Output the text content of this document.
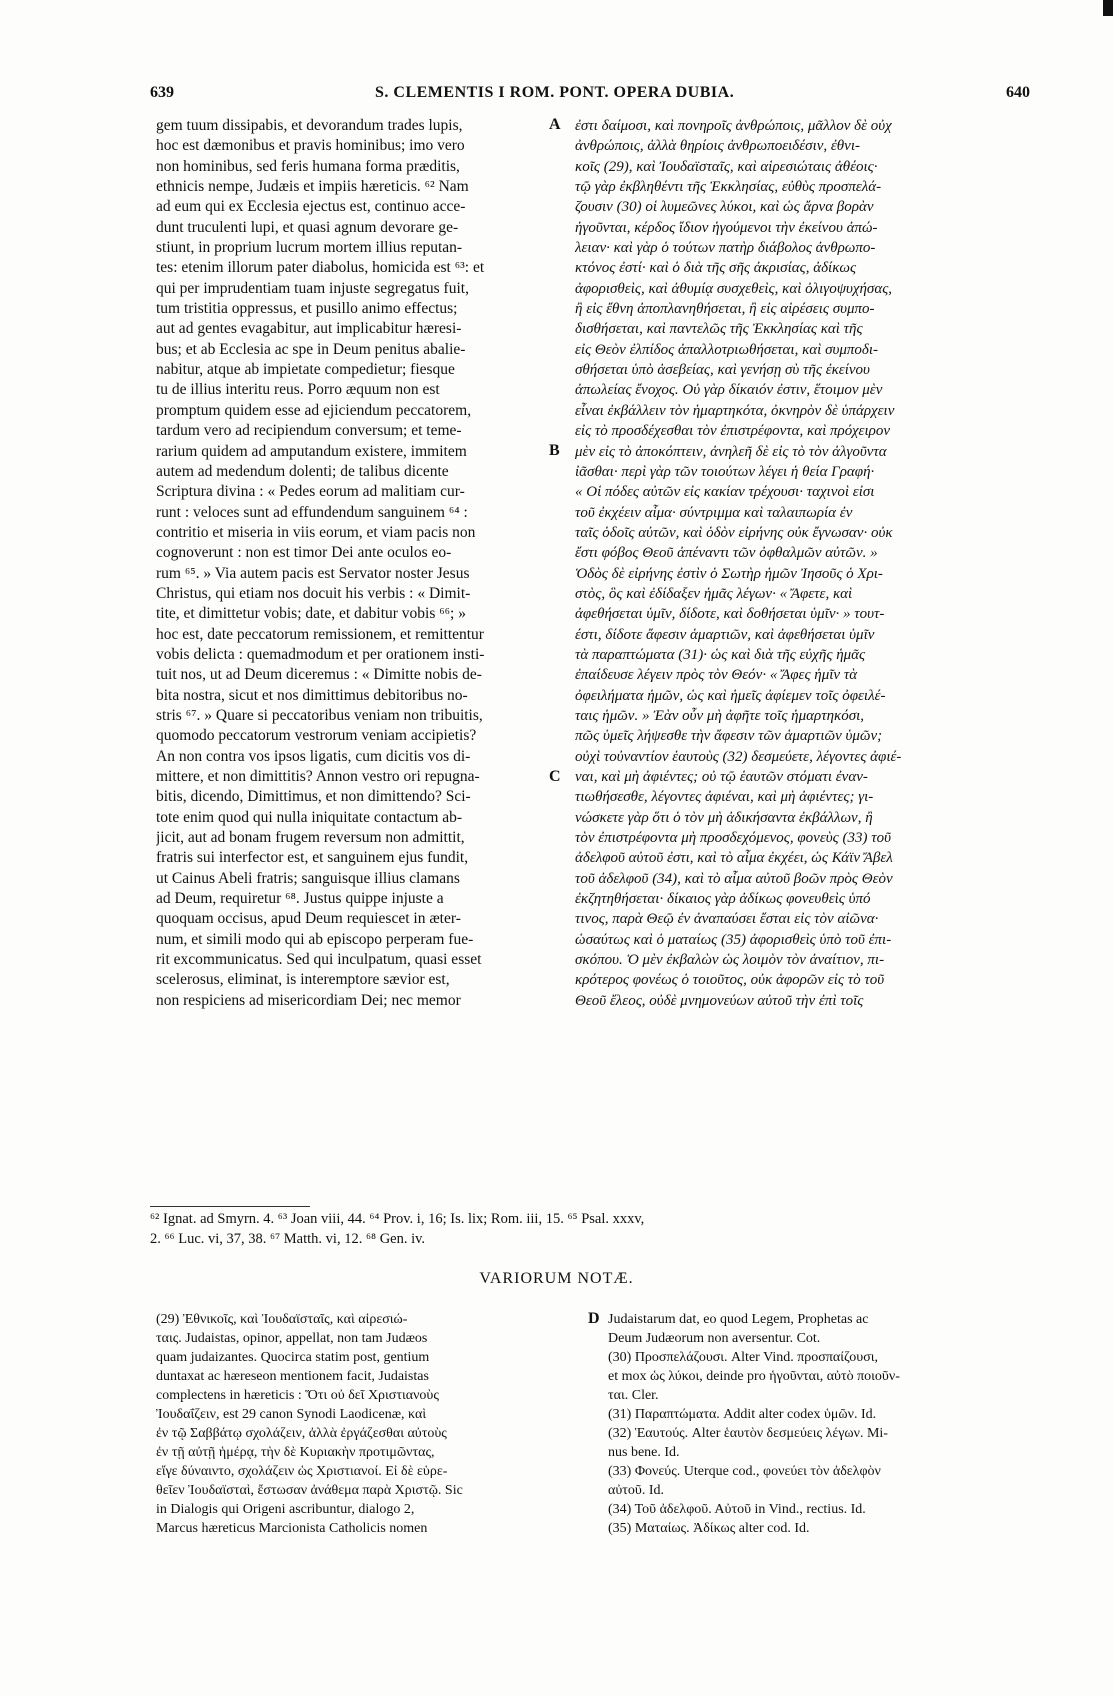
639	S. CLEMENTIS I ROM. PONT. OPERA DUBIA.	640
gem tuum dissipabis, et devorandum trades lupis,
hoc est dæmonibus et pravis hominibus; imo vero
non hominibus, sed feris humana forma præditis,
ethnicis nempe, Judæis et impiis hæreticis. ⁶² Nam
ad eum qui ex Ecclesia ejectus est, continuo acce-
dunt truculenti lupi, et quasi agnum devorare ge-
stiunt, in proprium lucrum mortem illius reputan-
tes: etenim illorum pater diabolus, homicida est ⁶³: et
qui per imprudentiam tuam injuste segregatus fuit,
tum tristitia oppressus, et pusillo animo effectus;
aut ad gentes evagabitur, aut implicabitur hæresi-
bus; et ab Ecclesia ac spe in Deum penitus abalie-
nabitur, atque ab impietate compedietur; fiesque
tu de illius interitu reus. Porro æquum non est
promptum quidem esse ad ejiciendum peccatorem,
tardum vero ad recipiendum conversum; et teme-
rarium quidem ad amputandum existere, immitem
autem ad medendum dolenti; de talibus dicente
Scriptura divina : « Pedes eorum ad malitiam cur-
runt : veloces sunt ad effundendum sanguinem ⁶⁴ :
contritio et miseria in viis eorum, et viam pacis non
cognoverunt : non est timor Dei ante oculos eo-
rum ⁶⁵. » Via autem pacis est Servator noster Jesus
Christus, qui etiam nos docuit his verbis : « Dimit-
tite, et dimittetur vobis; date, et dabitur vobis ⁶⁶; »
hoc est, date peccatorum remissionem, et remittentur
vobis delicta : quemadmodum et per orationem insti-
tuit nos, ut ad Deum diceremus : « Dimitte nobis de-
bita nostra, sicut et nos dimittimus debitoribus no-
stris ⁶⁷. » Quare si peccatoribus veniam non tribuitis,
quomodo peccatorum vestrorum veniam accipietis?
An non contra vos ipsos ligatis, cum dicitis vos di-
mittere, et non dimittitis? Annon vestro ori repugna-
bitis, dicendo, Dimittimus, et non dimittendo? Sci-
tote enim quod qui nulla iniquitate contactum ab-
jicit, aut ad bonam frugem reversum non admittit,
fratris sui interfector est, et sanguinem ejus fundit,
ut Cainus Abeli fratris; sanguisque illius clamans
ad Deum, requiretur ⁶⁸. Justus quippe injuste a
quoquam occisus, apud Deum requiescet in æter-
num, et simili modo qui ab episcopo perperam fue-
rit excommunicatus. Sed qui inculpatum, quasi esset
scelerosus, eliminat, is interemptore sævior est,
non respiciens ad misericordiam Dei; nec memor
ἐστι δαίμοσι, καὶ πονηροῖς ἀνθρώποις, μᾶλλον δὲ οὐχ
ἀνθρώποις, ἀλλὰ θηρίοις ἀνθρωποειδέσιν, ἐθνι-
κοῖς (29), καὶ Ἰουδαϊσταῖς, καὶ αἱρεσιώταις ἀθέοις·
τῷ γὰρ ἐκβληθέντι τῆς Ἐκκλησίας, εὐθὺς προσπελά-
ζουσιν (30) οἱ λυμεῶνες λύκοι, καὶ ὡς ἄρνα βορὰν
ἡγοῦνται, κέρδος ἴδιον ἡγούμενοι τὴν ἐκείνου ἀπώ-
λειαν· καὶ γὰρ ὁ τούτων πατὴρ διάβολος ἀνθρωπο-
κτόνος ἐστί· καὶ ὁ διὰ τῆς σῆς ἀκρισίας, ἀδίκως
ἀφορισθεὶς, καὶ ἀθυμίᾳ συσχεθεὶς, καὶ ὀλιγοψυχήσας,
ἢ εἰς ἔθνη ἀποπλανηθήσεται, ἢ εἰς αἱρέσεις συμπο-
δισθήσεται, καὶ παντελῶς τῆς Ἐκκλησίας καὶ τῆς
εἰς Θεὸν ἐλπίδος ἀπαλλοτριωθήσεται, καὶ συμποδι-
σθήσεται ὑπὸ ἀσεβείας, καὶ γενήσῃ σὺ τῆς ἐκείνου
ἀπωλείας ἔνοχος. Οὐ γὰρ δίκαιόν ἐστιν, ἕτοιμον μὲν
εἶναι ἐκβάλλειν τὸν ἡμαρτηκότα, ὀκνηρὸν δὲ ὑπάρχειν
εἰς τὸ προσδέχεσθαι τὸν ἐπιστρέφοντα, καὶ πρόχειρον
μὲν εἰς τὸ ἀποκόπτειν, ἀνηλεῆ δὲ εἰς τὸ τὸν ἀλγοῦντα
ἰᾶσθαι· περὶ γὰρ τῶν τοιούτων λέγει ἡ θεία Γραφή·
« Οἱ πόδες αὐτῶν εἰς κακίαν τρέχουσι· ταχινοὶ εἰσι
τοῦ ἐκχέειν αἷμα· σύντριμμα καὶ ταλαιπωρία ἐν
ταῖς ὁδοῖς αὐτῶν, καὶ ὁδὸν εἰρήνης οὐκ ἔγνωσαν· οὐκ
ἔστι φόβος Θεοῦ ἀπέναντι τῶν ὀφθαλμῶν αὐτῶν. »
Ὁδὸς δὲ εἰρήνης ἐστὶν ὁ Σωτὴρ ἡμῶν Ἰησοῦς ὁ Χρι-
στὸς, ὃς καὶ ἐδίδαξεν ἡμᾶς λέγων· « Ἄφετε, καὶ
ἀφεθήσεται ὑμῖν, δίδοτε, καὶ δοθήσεται ὑμῖν· » τουτ-
έστι, δίδοτε ἄφεσιν ἁμαρτιῶν, καὶ ἀφεθήσεται ὑμῖν
τὰ παραπτώματα (31)· ὡς καὶ διὰ τῆς εὐχῆς ἡμᾶς
ἐπαίδευσε λέγειν πρὸς τὸν Θεόν· « Ἄφες ἡμῖν τὰ
ὀφειλήματα ἡμῶν, ὡς καὶ ἡμεῖς ἀφίεμεν τοῖς ὀφειλέ-
ταις ἡμῶν. » Ἐὰν οὖν μὴ ἀφῆτε τοῖς ἡμαρτηκόσι,
πῶς ὑμεῖς λήψεσθε τὴν ἄφεσιν τῶν ἁμαρτιῶν ὑμῶν;
οὐχὶ τοὐναντίον ἑαυτοὺς (32) δεσμεύετε, λέγοντες ἀφιέ-
ναι, καὶ μὴ ἀφιέντες; οὐ τῷ ἑαυτῶν στόματι ἐναν-
τιωθήσεσθε, λέγοντες ἀφιέναι, καὶ μὴ ἀφιέντες; γι-
νώσκετε γὰρ ὅτι ὁ τὸν μὴ ἀδικήσαντα ἐκβάλλων, ἢ
τὸν ἐπιστρέφοντα μὴ προσδεχόμενος, φονεὺς (33) τοῦ
ἀδελφοῦ αὐτοῦ ἐστι, καὶ τὸ αἷμα ἐκχέει, ὡς Κάϊν Ἄβελ
τοῦ ἀδελφοῦ (34), καὶ τὸ αἷμα αὐτοῦ βοῶν πρὸς Θεὸν
ἐκζητηθήσεται· δίκαιος γὰρ ἀδίκως φονευθεὶς ὑπό
τινος, παρὰ Θεῷ ἐν ἀναπαύσει ἔσται εἰς τὸν αἰῶνα·
ὡσαύτως καὶ ὁ ματαίως (35) ἀφορισθεὶς ὑπὸ τοῦ ἐπι-
σκόπου. Ὁ μὲν ἐκβαλὼν ὡς λοιμὸν τὸν ἀναίτιον, πι-
κρότερος φονέως ὁ τοιοῦτος, οὐκ ἀφορῶν εἰς τὸ τοῦ
Θεοῦ ἔλεος, οὐδὲ μνημονεύων αὐτοῦ τὴν ἐπὶ τοῖς
A
B
C
⁶² Ignat. ad Smyrn. 4. ⁶³ Joan viii, 44. ⁶⁴ Prov. i, 16; Is. lix; Rom. iii, 15. ⁶⁵ Psal. xxxv,
2. ⁶⁶ Luc. vi, 37, 38. ⁶⁷ Matth. vi, 12. ⁶⁸ Gen. iv.
VARIORUM NOTÆ.
(29) Ἐθνικοῖς, καὶ Ἰουδαϊσταῖς, καὶ αἱρεσιώ-
ταις. Judaistas, opinor, appellat, non tam Judæos
quam judaizantes. Quocirca statim post, gentium
duntaxat ac hæreseon mentionem facit, Judaistas
complectens in hæreticis : Ὅτι οὐ δεῖ Χριστιανοὺς
Ἰουδαΐζειν, est 29 canon Synodi Laodicenæ, καὶ
ἐν τῷ Σαββάτῳ σχολάζειν, ἀλλὰ ἐργάζεσθαι αὐτοὺς
ἐν τῇ αὐτῇ ἡμέρᾳ, τὴν δὲ Κυριακὴν προτιμῶντας,
εἴγε δύναιντο, σχολάζειν ὡς Χριστιανοί. Εἰ δὲ εὑρε-
θεῖεν Ἰουδαϊσταὶ, ἔστωσαν ἀνάθεμα παρὰ Χριστῷ. Sic
in Dialogis qui Origeni ascribuntur, dialogo 2,
Marcus hæreticus Marcionista Catholicis nomen
D Judaistarum dat, eo quod Legem, Prophetas ac
Deum Judæorum non aversentur. Cot.
(30) Προσπελάζουσι. Alter Vind. προσπαίζουσι,
et mox ὡς λύκοι, deinde pro ἡγοῦνται, αὐτὸ ποιοῦν-
ται. Cler.
(31) Παραπτώματα. Addit alter codex ὑμῶν. Id.
(32) Ἑαυτούς. Alter ἑαυτὸν δεσμεύεις λέγων. Mi-
nus bene. Id.
(33) Φονεύς. Uterque cod., φονεύει τὸν ἀδελφὸν
αὐτοῦ. Id.
(34) Τοῦ ἀδελφοῦ. Αὐτοῦ in Vind., rectius. Id.
(35) Ματαίως. Ἀδίκως alter cod. Id.
